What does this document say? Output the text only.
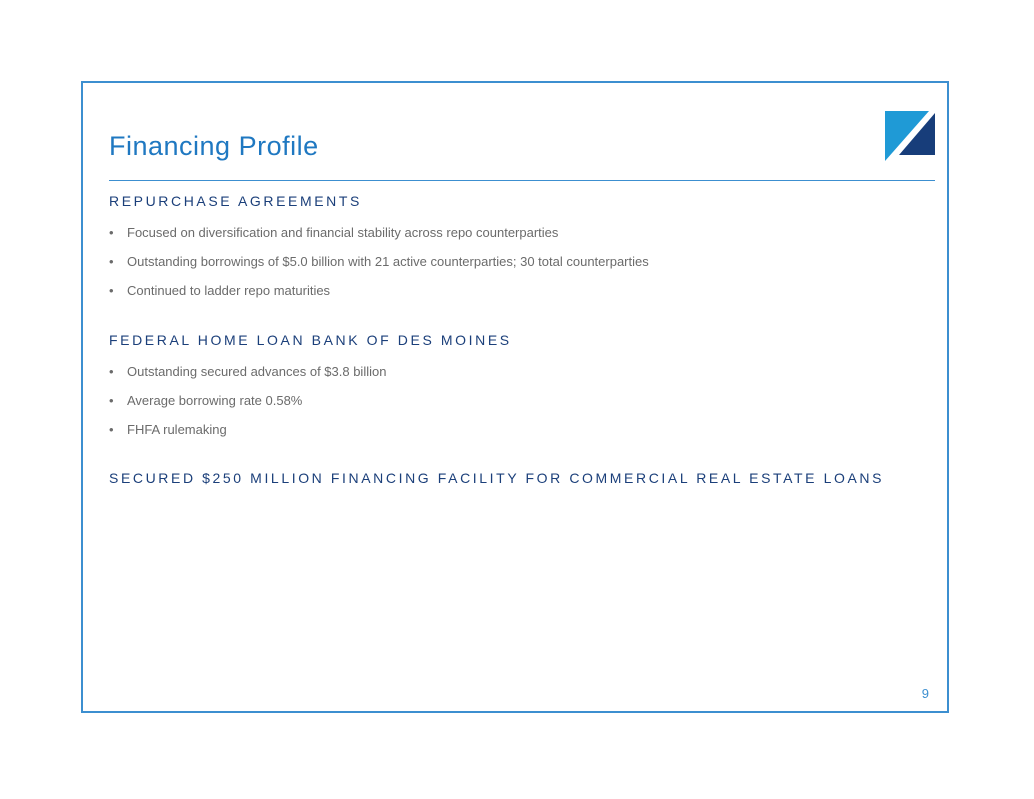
Financing Profile

REPURCHASE AGREEMENTS

• Focused on diversification and financial stability across repo counterparties
• Outstanding borrowings of $5.0 billion with 21 active counterparties; 30 total counterparties
• Continued to ladder repo maturities

FEDERAL HOME LOAN BANK OF DES MOINES

• Outstanding secured advances of $3.8 billion
• Average borrowing rate 0.58%
• FHFA rulemaking

SECURED $250 MILLION FINANCING FACILITY FOR COMMERCIAL REAL ESTATE LOANS

9
